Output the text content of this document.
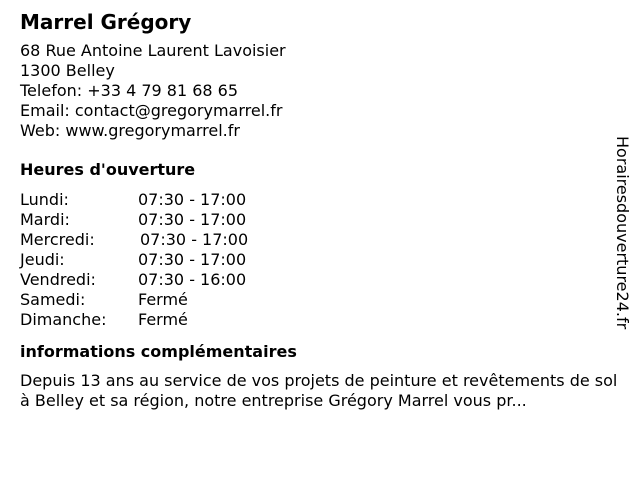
Marrel Grégory
68 Rue Antoine Laurent Lavoisier
1300 Belley
Telefon: +33 4 79 81 68 65
Email: contact@gregorymarrel.fr
Web: www.gregorymarrel.fr
Heures d'ouverture
Lundi:	07:30 - 17:00
Mardi:	07:30 - 17:00
Mercredi:	07:30 - 17:00
Jeudi:	07:30 - 17:00
Vendredi:	07:30 - 16:00
Samedi:	Fermé
Dimanche:	Fermé
informations complémentaires
Depuis 13 ans au service de vos projets de peinture et revêtements de sol à Belley et sa région, notre entreprise Grégory Marrel vous pr...
Horairesdouverture24.fr
